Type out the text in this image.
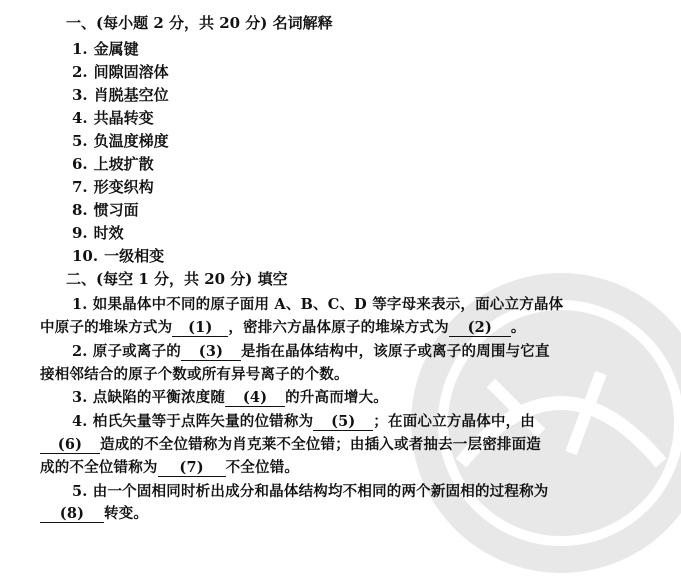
一、(每小题 2 分，共 20 分) 名词解释
1. 金属键
2. 间隙固溶体
3. 肖脱基空位
4. 共晶转变
5. 负温度梯度
6. 上坡扩散
7. 形变织构
8. 惯习面
9. 时效
10. 一级相变
二、(每空 1 分，共 20 分) 填空
1. 如果晶体中不同的原子面用 A、B、C、D 等字母来表示，面心立方晶体
中原子的堆垛方式为 (1) ，密排六方晶体原子的堆垛方式为 (2) 。
2. 原子或离子的 (3) 是指在晶体结构中，该原子或离子的周围与它直
接相邻结合的原子个数或所有异号离子的个数。
3. 点缺陷的平衡浓度随 (4) 的升高而增大。
4. 柏氏矢量等于点阵矢量的位错称为 (5) ；在面心立方晶体中，由
(6) 造成的不全位错称为肖克莱不全位错；由插入或者抽去一层密排面造
成的不全位错称为 (7) 不全位错。
5. 由一个固相同时析出成分和晶体结构均不相同的两个新固相的过程称为
(8) 转变。
